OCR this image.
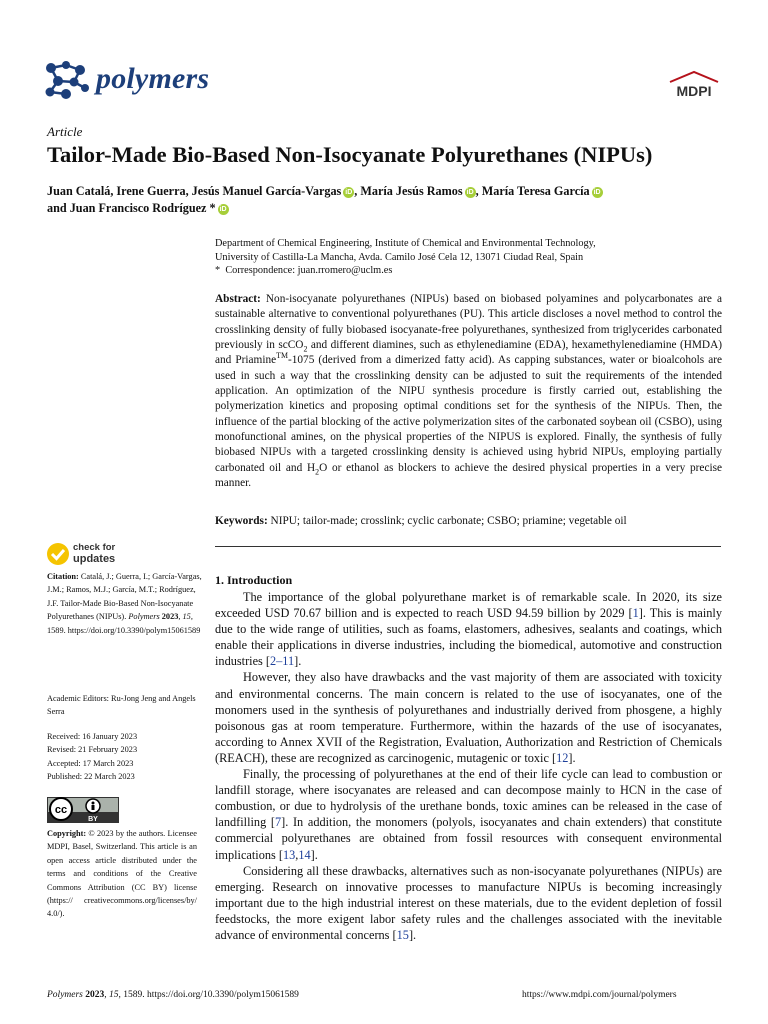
polymers	MDPI
Article
Tailor-Made Bio-Based Non-Isocyanate Polyurethanes (NIPUs)
Juan Catalá, Irene Guerra, Jesús Manuel García-Vargas iD , María Jesús Ramos iD , María Teresa García iD
and Juan Francisco Rodríguez * iD
Department of Chemical Engineering, Institute of Chemical and Environmental Technology,
University of Castilla-La Mancha, Avda. Camilo José Cela 12, 13071 Ciudad Real, Spain
* Correspondence: juan.rromero@uclm.es
Abstract: Non-isocyanate polyurethanes (NIPUs) based on biobased polyamines and polycarbonates are a sustainable alternative to conventional polyurethanes (PU). This article discloses a novel method to control the crosslinking density of fully biobased isocyanate-free polyurethanes, synthesized from triglycerides carbonated previously in scCO$_2$ and different diamines, such as ethylenediamine (EDA), hexamethylenediamine (HMDA) and Priamine™-1075 (derived from a dimerized fatty acid). As capping substances, water or bioalcohols are used in such a way that the crosslinking density can be adjusted to suit the requirements of the intended application. An optimization of the NIPU synthesis procedure is firstly carried out, establishing the polymerization kinetics and proposing optimal conditions set for the synthesis of the NIPUs. Then, the influence of the partial blocking of the active polymerization sites of the carbonated soybean oil (CSBO), using monofunctional amines, on the physical properties of the NIPUS is explored. Finally, the synthesis of fully biobased NIPUs with a targeted crosslinking density is achieved using hybrid NIPUs, employing partially carbonated oil and $H_2O$ or ethanol as blockers to achieve the desired physical properties in a very precise manner.
Keywords: NIPU; tailor-made; crosslink; cyclic carbonate; CSBO; priamine; vegetable oil
check for
updates
Citation: Catalá, J.; Guerra, I.; García-Vargas, J.M.; Ramos, M.J.; García, M.T.; Rodríguez, J.F. Tailor-Made Bio-Based Non-Isocyanate Polyurethanes (NIPUs). Polymers 2023, 15, 1589. https://doi.org/10.3390/polym15061589
Academic Editors: Ru-Jong Jeng and Angels Serra
Received: 16 January 2023
Revised: 21 February 2023
Accepted: 17 March 2023
Published: 22 March 2023
cc
BY
Copyright: © 2023 by the authors. Licensee MDPI, Basel, Switzerland. This article is an open access article distributed under the terms and conditions of the Creative Commons Attribution (CC BY) license (https:// creativecommons.org/licenses/by/ 4.0/).
1. Introduction

The importance of the global polyurethane market is of remarkable scale. In 2020, its size exceeded USD 70.67 billion and is expected to reach USD 94.59 billion by 2029 [1]. This is mainly due to the wide range of utilities, such as foams, elastomers, adhesives, sealants and coatings, which enable their applications in diverse industries, including the biomedical, automotive and construction industries [2–11].

However, they also have drawbacks and the vast majority of them are associated with toxicity and environmental concerns. The main concern is related to the use of isocyanates, one of the monomers used in the synthesis of polyurethanes and industrially derived from phosgene, a highly poisonous gas at room temperature. Furthermore, within the hazards of the use of isocyanates, according to Annex XVII of the Registration, Evaluation, Authorization and Restriction of Chemicals (REACH), these are recognized as carcinogenic, mutagenic or toxic [12].

Finally, the processing of polyurethanes at the end of their life cycle can lead to combustion or landfill storage, where isocyanates are released and can decompose mainly to HCN in the case of combustion, or due to hydrolysis of the urethane bonds, toxic amines can be released in the case of landfilling [7]. In addition, the monomers (polyols, isocyanates and chain extenders) that constitute commercial polyurethanes are obtained from fossil resources with consequent environmental implications [13,14].

Considering all these drawbacks, alternatives such as non-isocyanate polyurethanes (NIPUs) are emerging. Research on innovative processes to manufacture NIPUs is becoming increasingly important due to the high industrial interest on these materials, due to the evident depletion of fossil feedstocks, the more exigent labor safety rules and the challenges associated with the inevitable advance of environmental concerns [15].

Polymers 2023, 15, 1589. https://doi.org/10.3390/polym15061589	https://www.mdpi.com/journal/polymers
